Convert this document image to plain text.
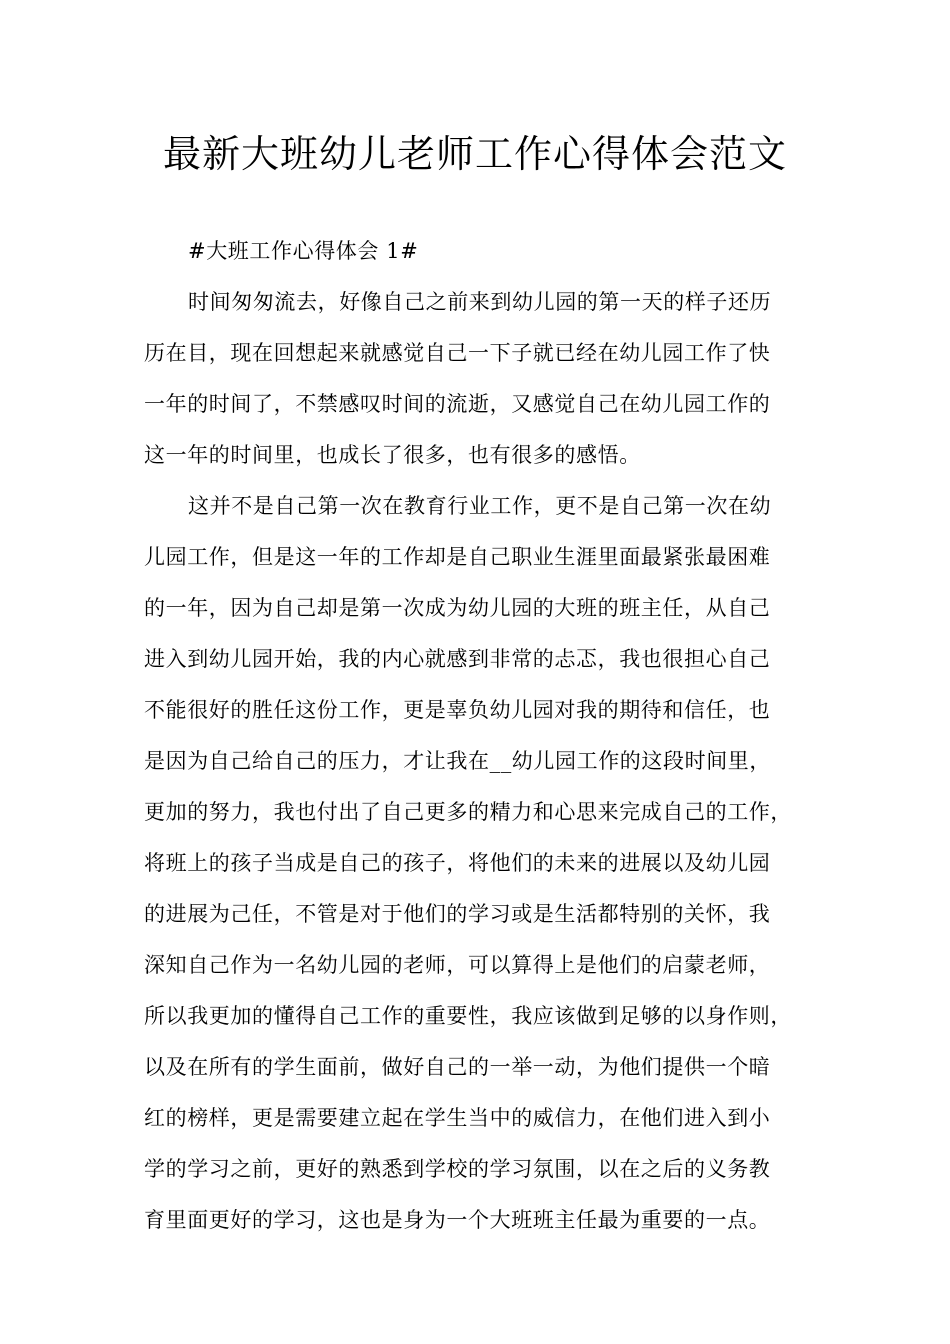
最新大班幼儿老师工作心得体会范文
#大班工作心得体会 1#
时间匆匆流去，好像自己之前来到幼儿园的第一天的样子还历
历在目，现在回想起来就感觉自己一下子就已经在幼儿园工作了快
一年的时间了，不禁感叹时间的流逝，又感觉自己在幼儿园工作的
这一年的时间里，也成长了很多，也有很多的感悟。
这并不是自己第一次在教育行业工作，更不是自己第一次在幼
儿园工作，但是这一年的工作却是自己职业生涯里面最紧张最困难
的一年，因为自己却是第一次成为幼儿园的大班的班主任，从自己
进入到幼儿园开始，我的内心就感到非常的忐忑，我也很担心自己
不能很好的胜任这份工作，更是辜负幼儿园对我的期待和信任，也
是因为自己给自己的压力，才让我在__幼儿园工作的这段时间里，
更加的努力，我也付出了自己更多的精力和心思来完成自己的工作，
将班上的孩子当成是自己的孩子，将他们的未来的进展以及幼儿园
的进展为己任，不管是对于他们的学习或是生活都特别的关怀，我
深知自己作为一名幼儿园的老师，可以算得上是他们的启蒙老师，
所以我更加的懂得自己工作的重要性，我应该做到足够的以身作则，
以及在所有的学生面前，做好自己的一举一动，为他们提供一个暗
红的榜样，更是需要建立起在学生当中的威信力，在他们进入到小
学的学习之前，更好的熟悉到学校的学习氛围，以在之后的义务教
育里面更好的学习，这也是身为一个大班班主任最为重要的一点。
